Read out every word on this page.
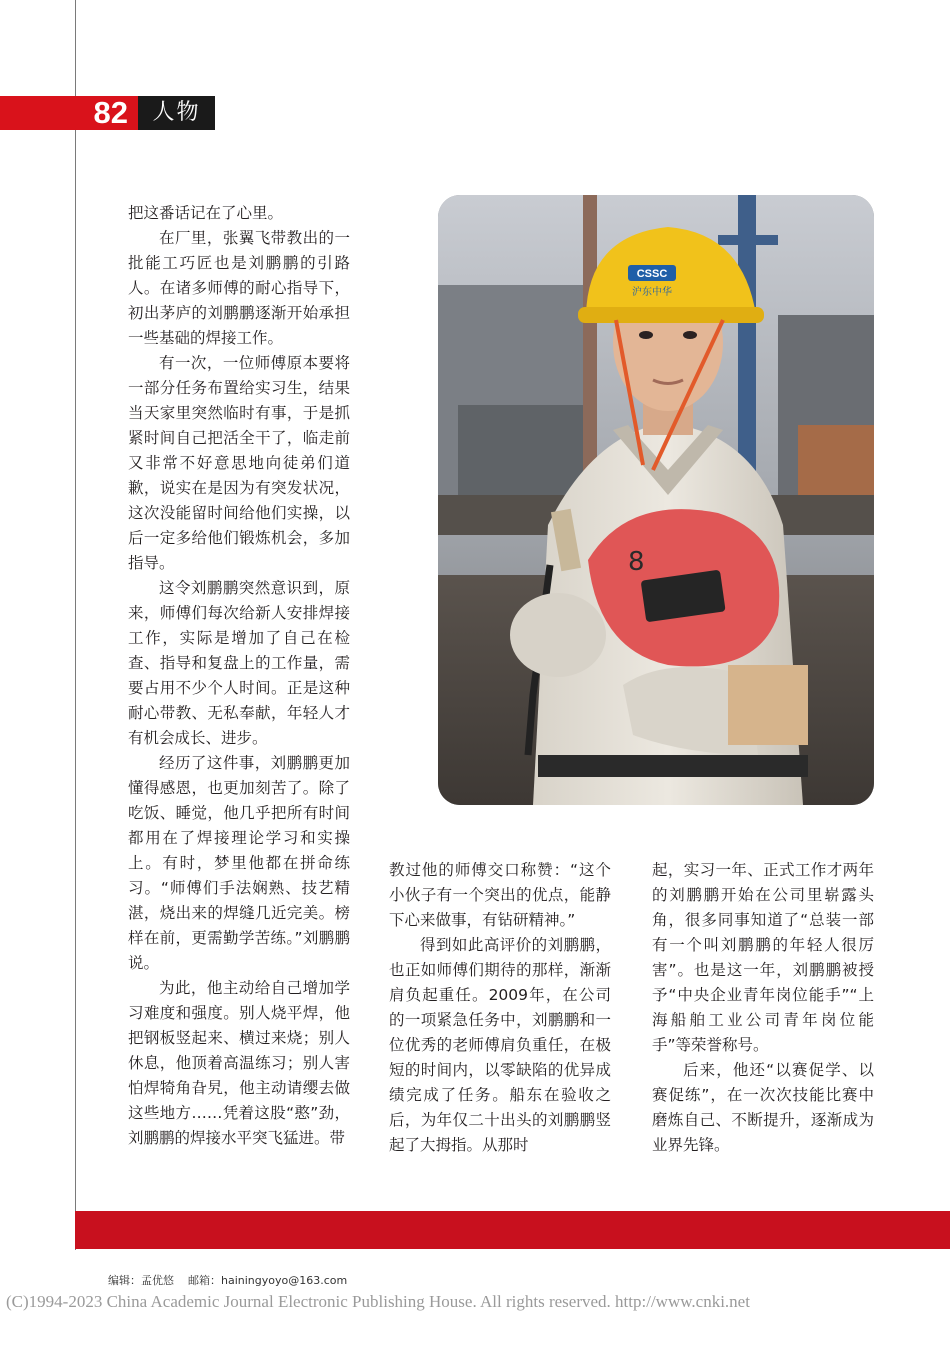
82	人物

把这番话记在了心里。

在厂里，张翼飞带教出的一批能工巧匠也是刘鹏鹏的引路人。在诸多师傅的耐心指导下，初出茅庐的刘鹏鹏逐渐开始承担一些基础的焊接工作。

有一次，一位师傅原本要将一部分任务布置给实习生，结果当天家里突然临时有事，于是抓紧时间自己把活全干了，临走前又非常不好意思地向徒弟们道歉，说实在是因为有突发状况，这次没能留时间给他们实操，以后一定多给他们锻炼机会，多加指导。

这令刘鹏鹏突然意识到，原来，师傅们每次给新人安排焊接工作，实际是增加了自己在检查、指导和复盘上的工作量，需要占用不少个人时间。正是这种耐心带教、无私奉献，年轻人才有机会成长、进步。

经历了这件事，刘鹏鹏更加懂得感恩，也更加刻苦了。除了吃饭、睡觉，他几乎把所有时间都用在了焊接理论学习和实操上。有时，梦里他都在拼命练习。“师傅们手法娴熟、技艺精湛，烧出来的焊缝几近完美。榜样在前，更需勤学苦练。”刘鹏鹏说。

为此，他主动给自己增加学习难度和强度。别人烧平焊，他把钢板竖起来、横过来烧；别人休息，他顶着高温练习；别人害怕焊犄角旮旯，他主动请缨去做这些地方……凭着这股“憨”劲，刘鹏鹏的焊接水平突飞猛进。带

教过他的师傅交口称赞：“这个小伙子有一个突出的优点，能静下心来做事，有钻研精神。”

得到如此高评价的刘鹏鹏，也正如师傅们期待的那样，渐渐肩负起重任。2009年，在公司的一项紧急任务中，刘鹏鹏和一位优秀的老师傅肩负重任，在极短的时间内，以零缺陷的优异成绩完成了任务。船东在验收之后，为年仅二十出头的刘鹏鹏竖起了大拇指。从那时

起，实习一年、正式工作才两年的刘鹏鹏开始在公司里崭露头角，很多同事知道了“总装一部有一个叫刘鹏鹏的年轻人很厉害”。也是这一年，刘鹏鹏被授予“中央企业青年岗位能手”“上海船舶工业公司青年岗位能手”等荣誉称号。

后来，他还“以赛促学、以赛促练”，在一次次技能比赛中磨炼自己、不断提升，逐渐成为业界先锋。

CSSC
沪东中华
8
编辑：孟优悠 邮箱：hainingyoyo@163.com
(C)1994-2023 China Academic Journal Electronic Publishing House. All rights reserved. http://www.cnki.net
